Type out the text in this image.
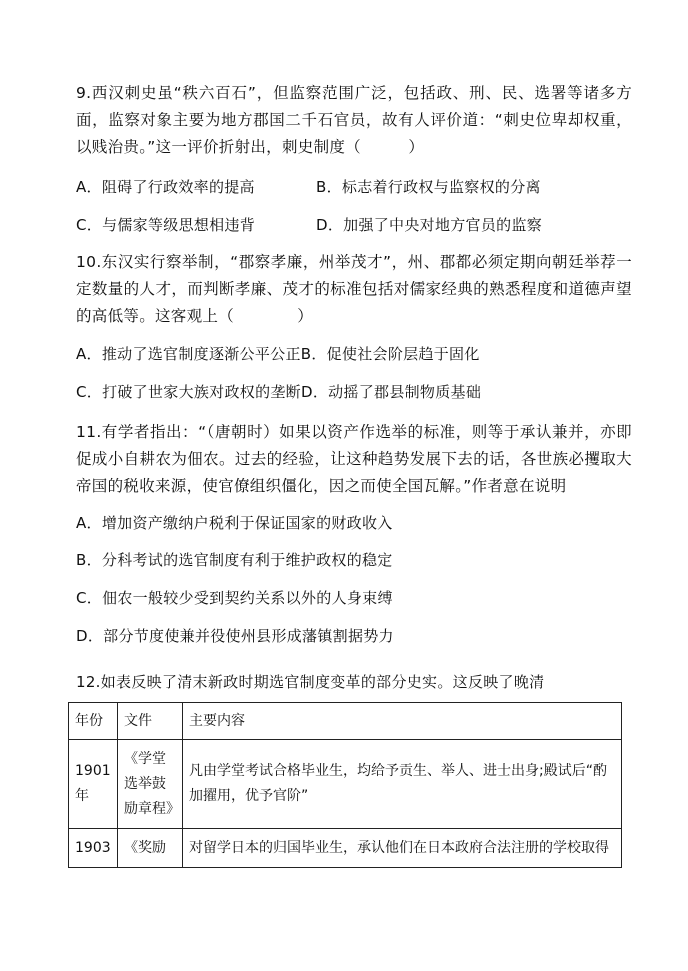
9.西汉刺史虽“秩六百石”，但监察范围广泛，包括政、刑、民、选署等诸多方面，监察对象主要为地方郡国二千石官员，故有人评价道：“刺史位卑却权重，以贱治贵。”这一评价折射出，刺史制度（　　　）
A．阻碍了行政效率的提高	B．标志着行政权与监察权的分离
C．与儒家等级思想相违背	D．加强了中央对地方官员的监察
10.东汉实行察举制，“郡察孝廉，州举茂才”，州、郡都必须定期向朝廷举荐一定数量的人才，而判断孝廉、茂才的标准包括对儒家经典的熟悉程度和道德声望的高低等。这客观上（　　　　）
A．推动了选官制度逐渐公平公正B．促使社会阶层趋于固化
C．打破了世家大族对政权的垄断D．动摇了郡县制物质基础
11.有学者指出：“（唐朝时）如果以资产作选举的标准，则等于承认兼并，亦即促成小自耕农为佃农。过去的经验，让这种趋势发展下去的话，各世族必攫取大帝国的税收来源，使官僚组织僵化，因之而使全国瓦解。”作者意在说明
A．增加资产缴纳户税利于保证国家的财政收入
B．分科考试的选官制度有利于维护政权的稳定
C．佃农一般较少受到契约关系以外的人身束缚
D．部分节度使兼并役使州县形成藩镇割据势力
12.如表反映了清末新政时期选官制度变革的部分史实。这反映了晚清
年份	文件	主要内容
1901年	《学堂选举鼓励章程》	凡由学堂考试合格毕业生，均给予贡生、举人、进士出身;殿试后“酌加擢用，优予官阶”
1903	《奖励	对留学日本的归国毕业生，承认他们在日本政府合法注册的学校取得
